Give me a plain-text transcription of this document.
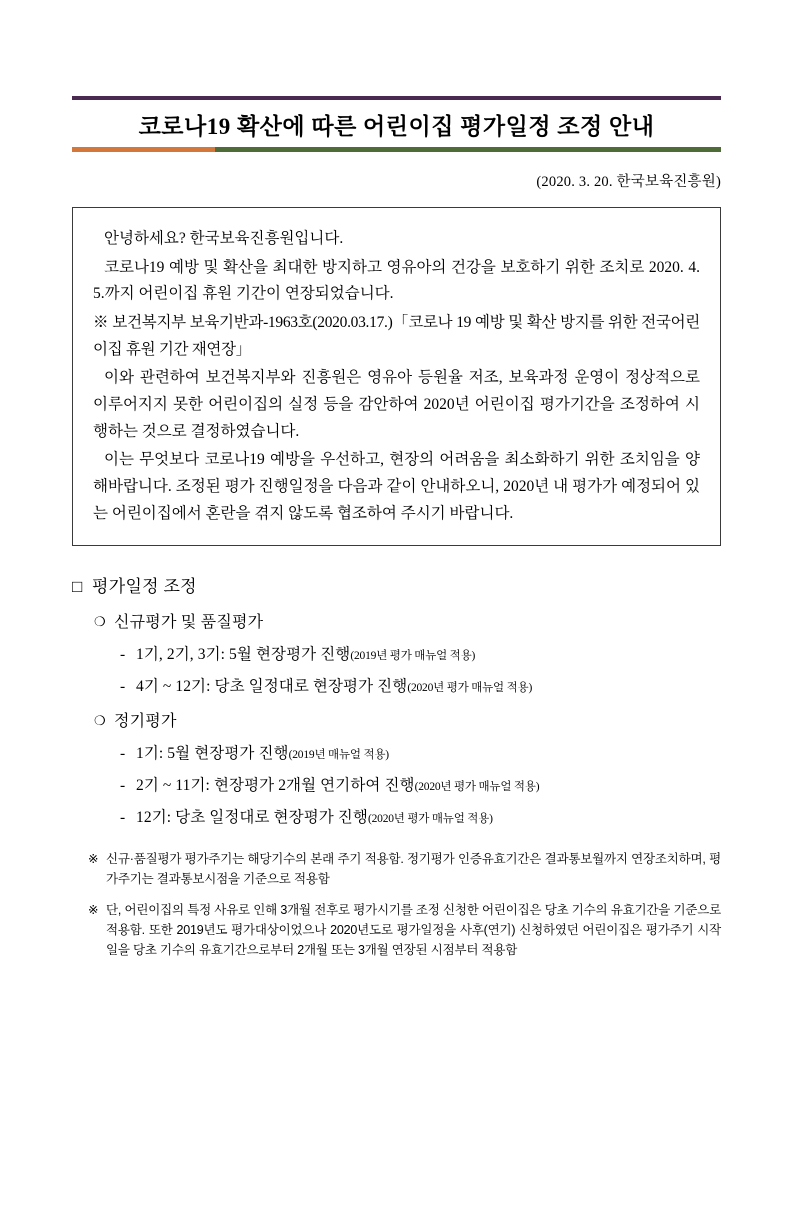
코로나19 확산에 따른 어린이집 평가일정 조정 안내
(2020. 3. 20. 한국보육진흥원)

안녕하세요? 한국보육진흥원입니다.

코로나19 예방 및 확산을 최대한 방지하고 영유아의 건강을 보호하기 위한 조치로 2020. 4. 5.까지 어린이집 휴원 기간이 연장되었습니다.

※ 보건복지부 보육기반과-1963호(2020.03.17.)「코로나 19 예방 및 확산 방지를 위한 전국어린이집 휴원 기간 재연장」

이와 관련하여 보건복지부와 진흥원은 영유아 등원율 저조, 보육과정 운영이 정상적으로 이루어지지 못한 어린이집의 실정 등을 감안하여 2020년 어린이집 평가기간을 조정하여 시행하는 것으로 결정하였습니다.

이는 무엇보다 코로나19 예방을 우선하고, 현장의 어려움을 최소화하기 위한 조치임을 양해바랍니다. 조정된 평가 진행일정을 다음과 같이 안내하오니, 2020년 내 평가가 예정되어 있는 어린이집에서 혼란을 겪지 않도록 협조하여 주시기 바랍니다.

□ 평가일정 조정
❍ 신규평가 및 품질평가
- 1기, 2기, 3기: 5월 현장평가 진행(2019년 평가 매뉴얼 적용)
- 4기 ~ 12기: 당초 일정대로 현장평가 진행(2020년 평가 매뉴얼 적용)
❍ 정기평가
- 1기: 5월 현장평가 진행(2019년 매뉴얼 적용)
- 2기 ~ 11기: 현장평가 2개월 연기하여 진행(2020년 평가 매뉴얼 적용)
- 12기: 당초 일정대로 현장평가 진행(2020년 평가 매뉴얼 적용)
※ 신규·품질평가 평가주기는 해당기수의 본래 주기 적용함. 정기평가 인증유효기간은 결과통보월까지 연장조치하며, 평가주기는 결과통보시점을 기준으로 적용함
※ 단, 어린이집의 특정 사유로 인해 3개월 전후로 평가시기를 조정 신청한 어린이집은 당초 기수의 유효기간을 기준으로 적용함. 또한 2019년도 평가대상이었으나 2020년도로 평가일정을 사후(연기) 신청하였던 어린이집은 평가주기 시작일을 당초 기수의 유효기간으로부터 2개월 또는 3개월 연장된 시점부터 적용함
